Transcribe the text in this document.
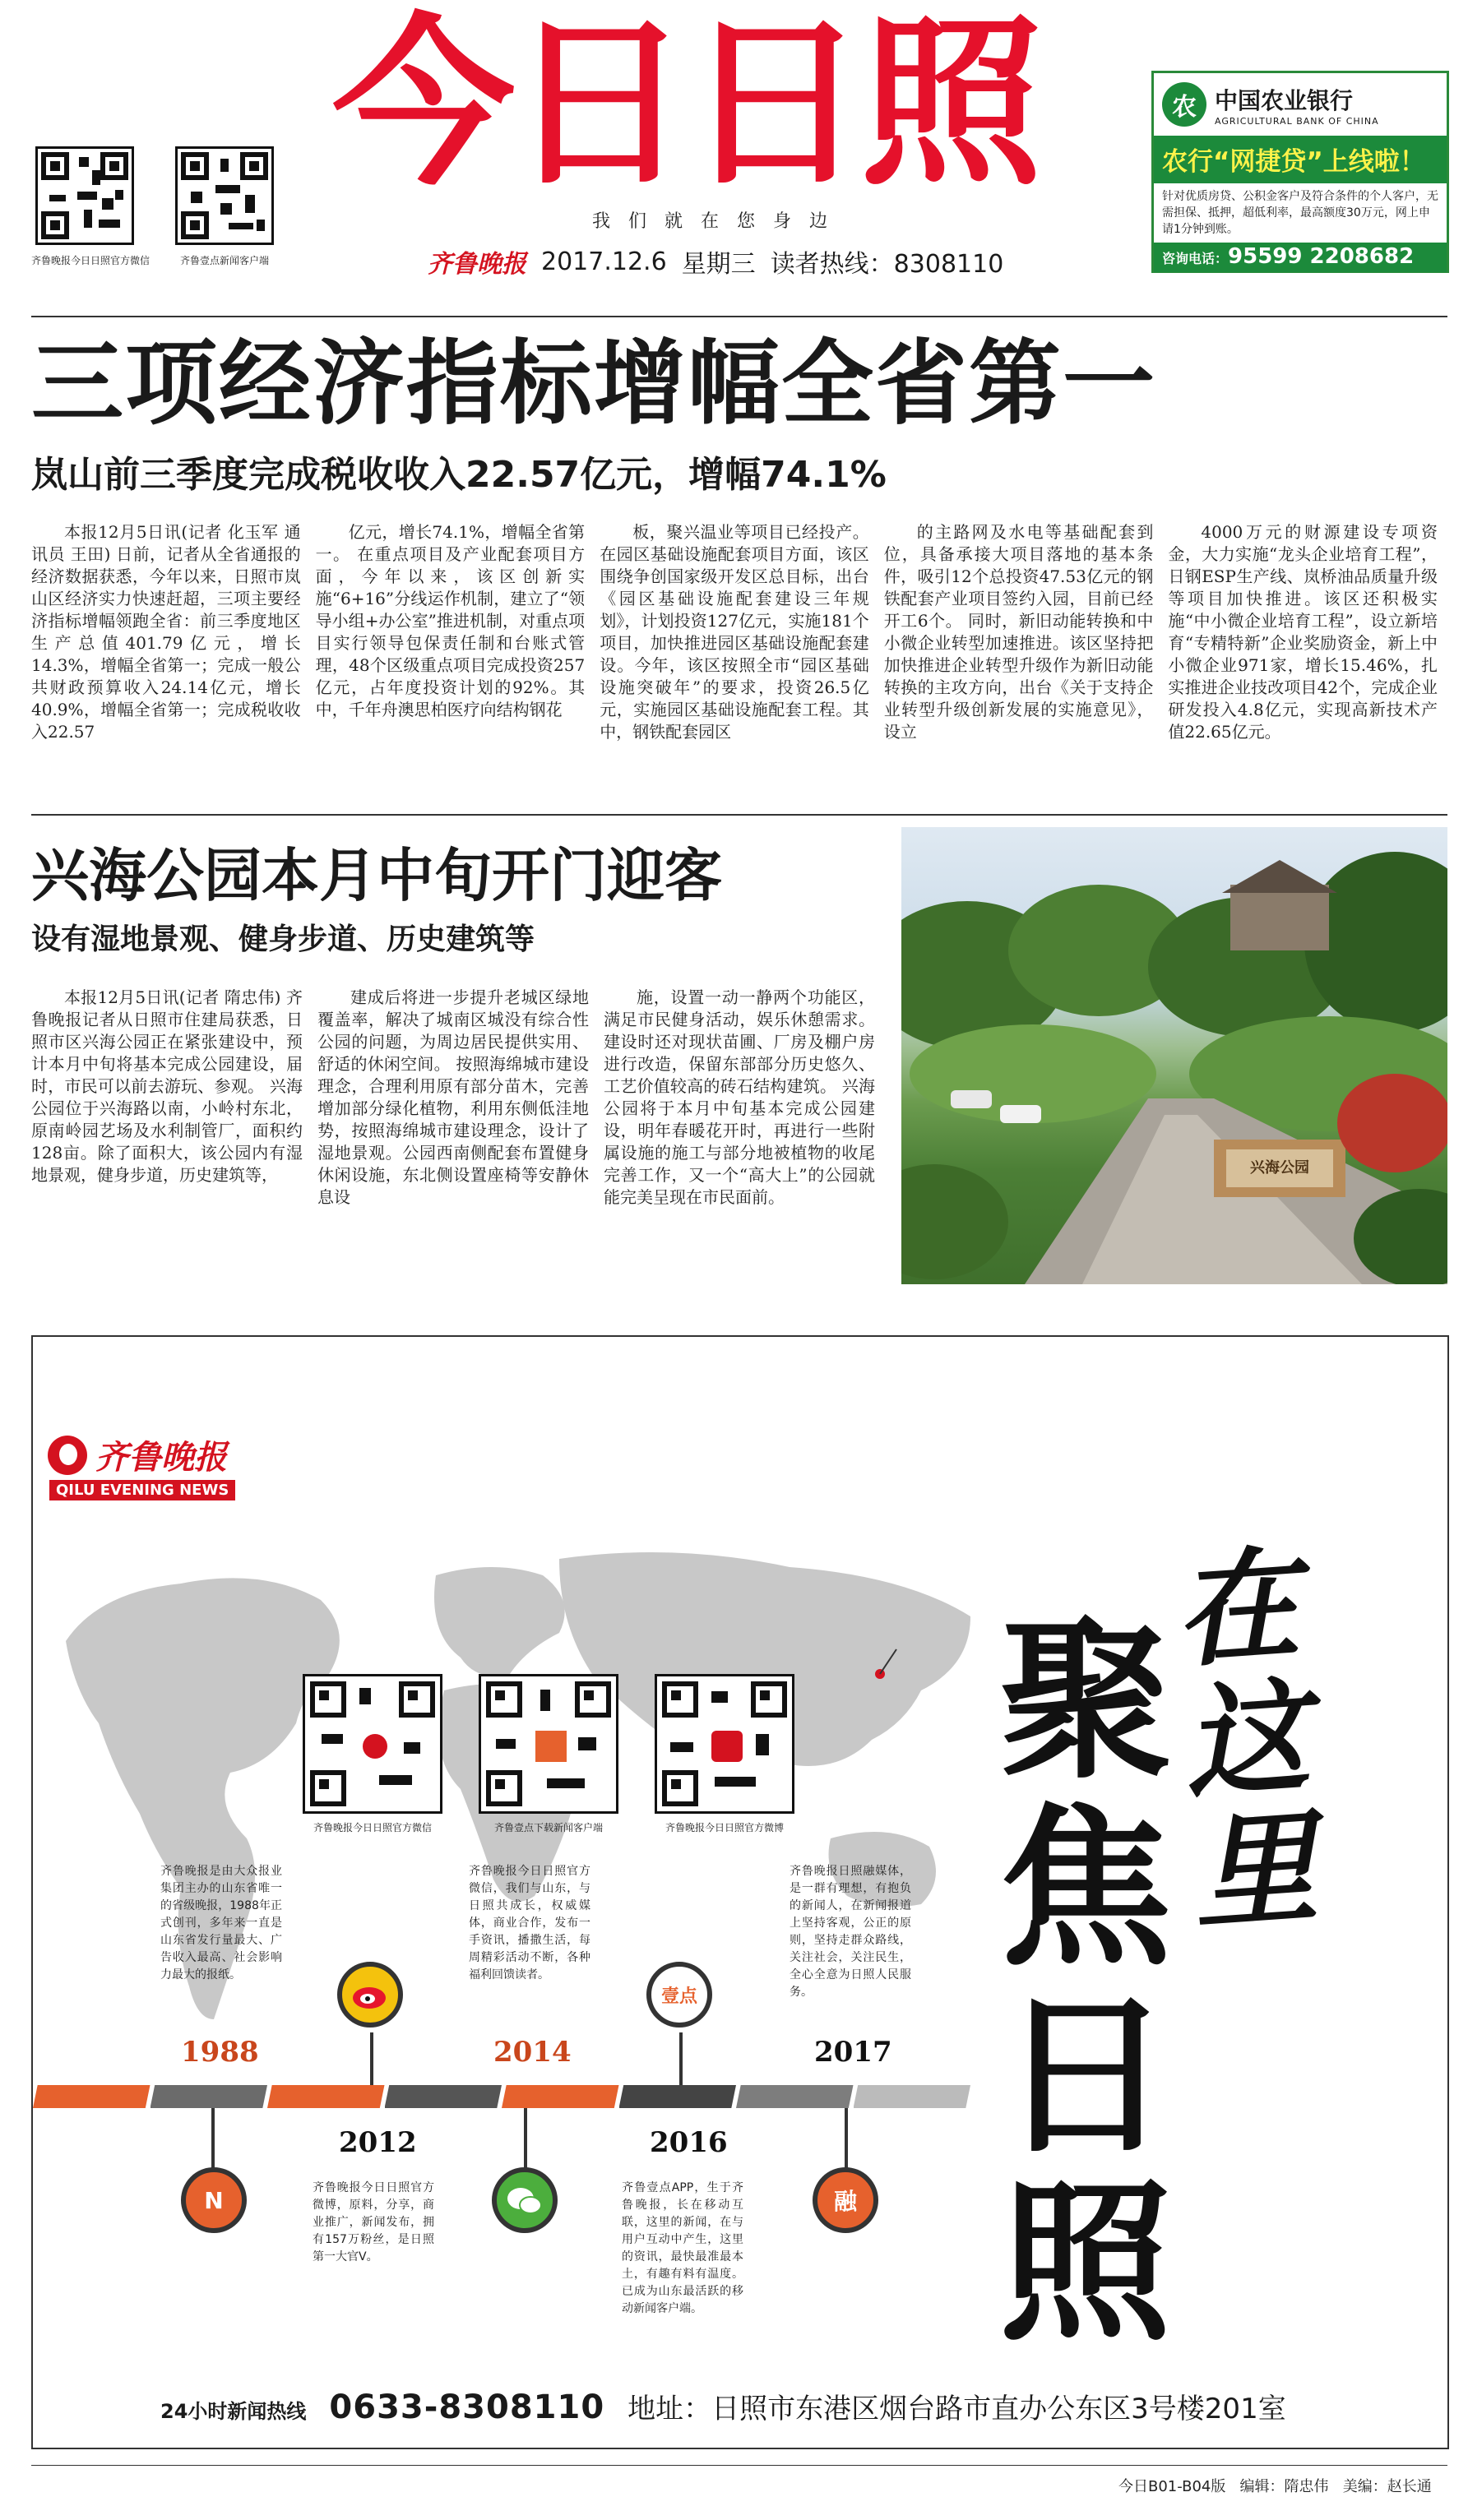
齐鲁晚报今日日照官方微信	齐鲁壹点新闻客户端
今日日照
我们就在您身边
齐鲁晚报 2017.12.6 星期三 读者热线：8308110
农 中国农业银行
AGRICULTURAL BANK OF CHINA
农行“网捷贷”上线啦！
针对优质房贷、公积金客户及符合条件的个人客户，无需担保、抵押，超低利率，最高额度30万元，网上申请1分钟到账。
咨询电话：95599 2208682
三项经济指标增幅全省第一
岚山前三季度完成税收收入22.57亿元，增幅74.1%

本报12月5日讯(记者 化玉军 通讯员 王田) 日前，记者从全省通报的经济数据获悉，今年以来，日照市岚山区经济实力快速赶超，三项主要经济指标增幅领跑全省：前三季度地区生产总值401.79亿元，增长14.3%，增幅全省第一；完成一般公共财政预算收入24.14亿元，增长40.9%，增幅全省第一；完成税收收入22.57

亿元，增长74.1%，增幅全省第一。 在重点项目及产业配套项目方面，今年以来，该区创新实施“6+16”分线运作机制，建立了“领导小组+办公室”推进机制，对重点项目实行领导包保责任制和台账式管理，48个区级重点项目完成投资257亿元，占年度投资计划的92%。其中，千年舟澳思柏医疗向结构钢花

板，聚兴温业等项目已经投产。 在园区基础设施配套项目方面，该区围绕争创国家级开发区总目标，出台《园区基础设施配套建设三年规划》，计划投资127亿元，实施181个项目，加快推进园区基础设施配套建设。今年，该区按照全市“园区基础设施突破年”的要求，投资26.5亿元，实施园区基础设施配套工程。其中，钢铁配套园区

的主路网及水电等基础配套到位，具备承接大项目落地的基本条件，吸引12个总投资47.53亿元的钢铁配套产业项目签约入园，目前已经开工6个。 同时，新旧动能转换和中小微企业转型加速推进。该区坚持把加快推进企业转型升级作为新旧动能转换的主攻方向，出台《关于支持企业转型升级创新发展的实施意见》，设立

4000万元的财源建设专项资金，大力实施“龙头企业培育工程”，日钢ESP生产线、岚桥油品质量升级等项目加快推进。该区还积极实施“中小微企业培育工程”，设立新培育“专精特新”企业奖励资金，新上中小微企业971家，增长15.46%，扎实推进企业技改项目42个，完成企业研发投入4.8亿元，实现高新技术产值22.65亿元。

兴海公园本月中旬开门迎客
设有湿地景观、健身步道、历史建筑等

本报12月5日讯(记者 隋忠伟) 齐鲁晚报记者从日照市住建局获悉，日照市区兴海公园正在紧张建设中，预计本月中旬将基本完成公园建设，届时，市民可以前去游玩、参观。 兴海公园位于兴海路以南，小岭村东北，原南岭园艺场及水利制管厂，面积约128亩。除了面积大，该公园内有湿地景观，健身步道，历史建筑等，

建成后将进一步提升老城区绿地覆盖率，解决了城南区城没有综合性公园的问题，为周边居民提供实用、舒适的休闲空间。 按照海绵城市建设理念，合理利用原有部分苗木，完善增加部分绿化植物，利用东侧低洼地势，按照海绵城市建设理念，设计了湿地景观。公园西南侧配套布置健身休闲设施，东北侧设置座椅等安静休息设

施，设置一动一静两个功能区，满足市民健身活动，娱乐休憩需求。建设时还对现状苗圃、厂房及棚户房进行改造，保留东部部分历史悠久、工艺价值较高的砖石结构建筑。 兴海公园将于本月中旬基本完成公园建设，明年春暖花开时，再进行一些附属设施的施工与部分地被植物的收尾完善工作，又一个“高大上”的公园就能完美呈现在市民面前。

兴海公园
齐鲁晚报
QILU EVENING NEWS
齐鲁晚报今日日照官方微信	齐鲁壹点下载新闻客户端	齐鲁晚报今日日照官方微博
在这里
聚焦日照
齐鲁晚报是由大众报业集团主办的山东省唯一的省级晚报，1988年正式创刊，多年来一直是山东省发行量最大、广告收入最高、社会影响力最大的报纸。
1988
N
2012
齐鲁晚报今日日照官方微博，原料，分享，商业推广，新闻发布，拥有157万粉丝，是日照第一大官V。
齐鲁晚报今日日照官方微信，我们与山东，与日照共成长，权威媒体，商业合作，发布一手资讯，播撒生活，每周精彩活动不断，各种福利回馈读者。
2014
壹点
2016
齐鲁壹点APP，生于齐鲁晚报，长在移动互联，这里的新闻，在与用户互动中产生，这里的资讯，最快最准最本土，有趣有料有温度。已成为山东最活跃的移动新闻客户端。
齐鲁晚报日照融媒体，是一群有理想，有抱负的新闻人，在新闻报道上坚持客观，公正的原则，坚持走群众路线，关注社会，关注民生，全心全意为日照人民服务。
2017
融
24小时新闻热线 0633-8308110 地址：日照市东港区烟台路市直办公东区3号楼201室
今日B01-B04版 编辑：隋忠伟 美编：赵长通
